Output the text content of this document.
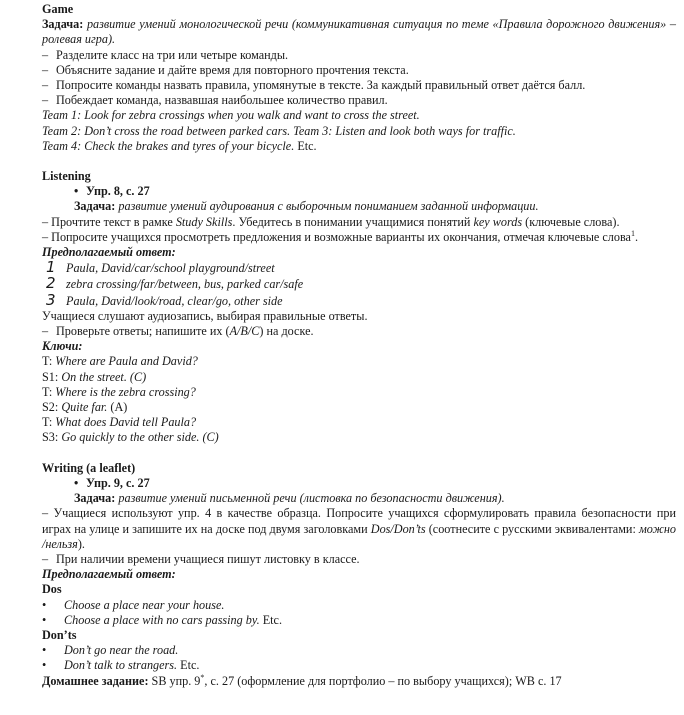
Game
Задача: развитие умений монологической речи (коммуникативная ситуация по теме «Правила дорожного движения» – ролевая игра).
– Разделите класс на три или четыре команды.
– Объясните задание и дайте время для повторного прочтения текста.
– Попросите команды назвать правила, упомянутые в тексте. За каждый правильный ответ даётся балл.
– Побеждает команда, назвавшая наибольшее количество правил.
Team 1: Look for zebra crossings when you walk and want to cross the street.
Team 2: Don’t cross the road between parked cars. Team 3: Listen and look both ways for traffic.
Team 4: Check the brakes and tyres of your bicycle. Etc.
Listening
• Упр. 8, с. 27
Задача: развитие умений аудирования с выборочным пониманием заданной информации.
– Прочтите текст в рамке Study Skills. Убедитесь в понимании учащимися понятий key words (ключевые слова).
– Попросите учащихся просмотреть предложения и возможные варианты их окончания, отмечая ключевые слова$^1$.
Предполагаемый ответ:
1 Paula, David/car/school playground/street
2 zebra crossing/far/between, bus, parked car/safe
3 Paula, David/look/road, clear/go, other side
Учащиеся слушают аудиозапись, выбирая правильные ответы.
– Проверьте ответы; напишите их (A/B/C) на доске.
Ключи:
T: Where are Paula and David?
S1: On the street. (C)
T: Where is the zebra crossing?
S2: Quite far. (A)
T: What does David tell Paula?
S3: Go quickly to the other side. (C)
Writing (a leaflet)
• Упр. 9, с. 27
Задача: развитие умений письменной речи (листовка по безопасности движения).
– Учащиеся используют упр. 4 в качестве образца. Попросите учащихся сформулировать правила безопасности при играх на улице и запишите их на доске под двумя заголовками Dos/Don’ts (соотнесите с русскими эквивалентами: можно /нельзя).
– При наличии времени учащиеся пишут листовку в классе.
Предполагаемый ответ:
Dos
• Choose a place near your house.
• Choose a place with no cars passing by. Etc.
Don’ts
• Don’t go near the road.
• Don’t talk to strangers. Etc.
Домашнее задание: SB упр. 9*, с. 27 (оформление для портфолио – по выбору учащихся); WB с. 17
